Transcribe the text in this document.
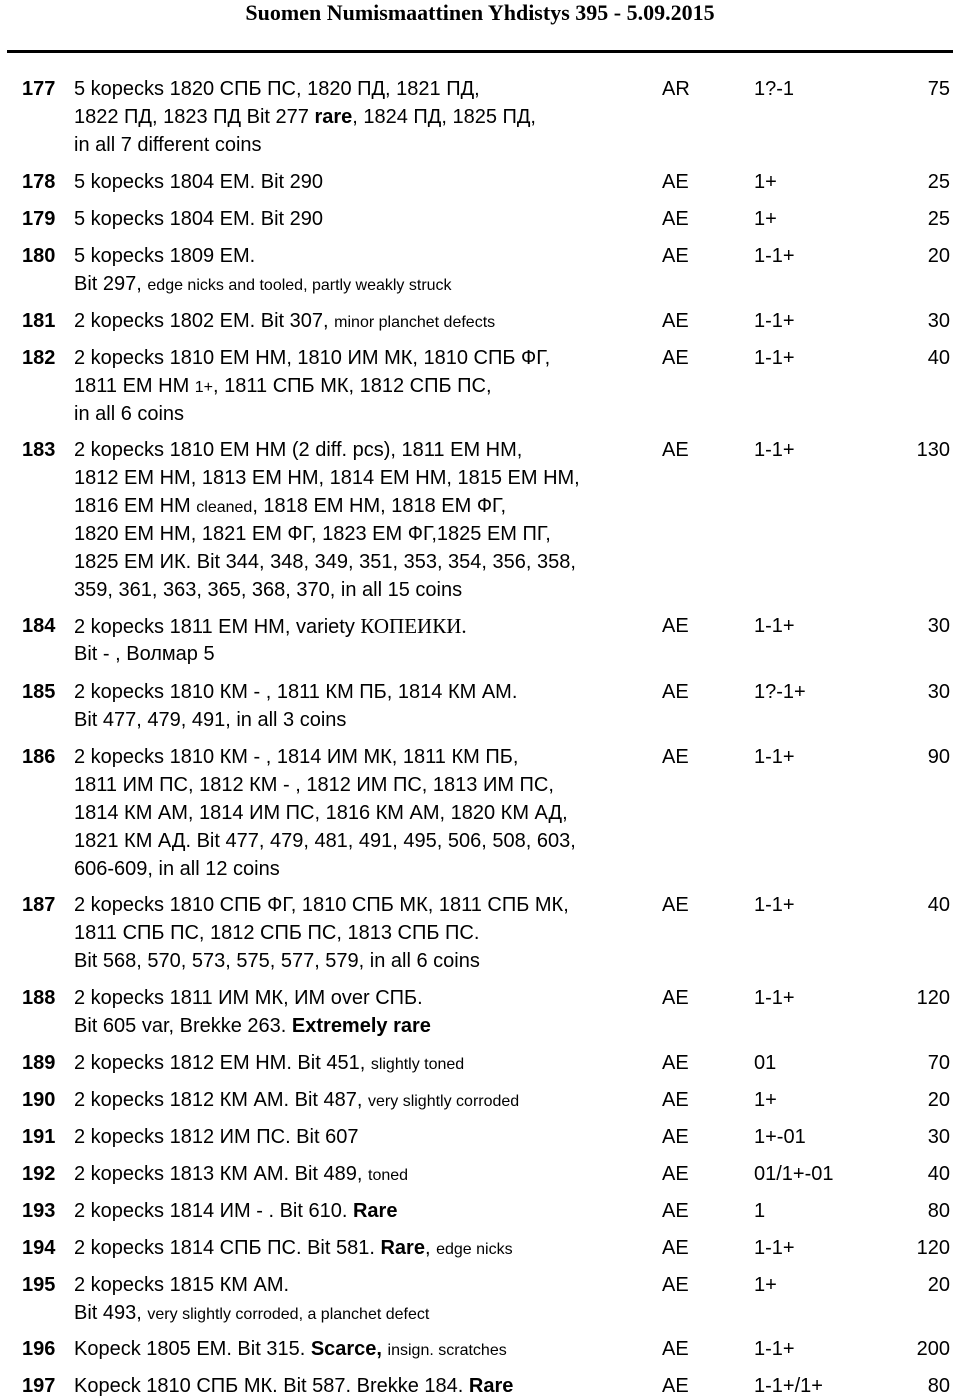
Suomen Numismaattinen Yhdistys 395 - 5.09.2015
177 5 kopecks 1820 СПБ ПС, 1820 ПД, 1821 ПД,
1822 ПД, 1823 ПД Bit 277 rare, 1824 ПД, 1825 ПД,
in all 7 different coins
AR	1?-1	75
178 5 kopecks 1804 ЕМ. Bit 290	AE	1+	25
179 5 kopecks 1804 ЕМ. Bit 290	AE	1+	25
180 5 kopecks 1809 ЕМ.
Bit 297, edge nicks and tooled, partly weakly struck
AE	1-1+	20
181 2 kopecks 1802 ЕМ. Bit 307, minor planchet defects	AE	1-1+	30
182 2 kopecks 1810 ЕМ НМ, 1810 ИМ МК, 1810 СПБ ФГ,
1811 ЕМ НМ 1+, 1811 СПБ МК, 1812 СПБ ПС,
in all 6 coins
AE	1-1+	40
183 2 kopecks 1810 ЕМ НМ (2 diff. pcs), 1811 ЕМ НМ,
1812 ЕМ НМ, 1813 ЕМ НМ, 1814 ЕМ НМ, 1815 ЕМ НМ,
1816 ЕМ НМ cleaned, 1818 ЕМ НМ, 1818 ЕМ ФГ,
1820 ЕМ НМ, 1821 ЕМ ФГ, 1823 ЕМ ФГ,1825 ЕМ ПГ,
1825 ЕМ ИК. Bit 344, 348, 349, 351, 353, 354, 356, 358,
359, 361, 363, 365, 368, 370, in all 15 coins
AE	1-1+	130
184 2 kopecks 1811 ЕМ НМ, variety КОПЕИКИ.
Bit - , Волмар 5
AE	1-1+	30
185 2 kopecks 1810 КМ - , 1811 КМ ПБ, 1814 КМ АМ.
Bit 477, 479, 491, in all 3 coins
AE	1?-1+	30
186 2 kopecks 1810 КМ - , 1814 ИМ МК, 1811 КМ ПБ,
1811 ИМ ПС, 1812 КМ - , 1812 ИМ ПС, 1813 ИМ ПС,
1814 КМ АМ, 1814 ИМ ПС, 1816 КМ АМ, 1820 КМ АД,
1821 КМ АД. Bit 477, 479, 481, 491, 495, 506, 508, 603,
606-609, in all 12 coins
AE	1-1+	90
187 2 kopecks 1810 СПБ ФГ, 1810 СПБ МК, 1811 СПБ МК,
1811 СПБ ПС, 1812 СПБ ПС, 1813 СПБ ПС.
Bit 568, 570, 573, 575, 577, 579, in all 6 coins
AE	1-1+	40
188 2 kopecks 1811 ИМ МК, ИМ over СПБ.
Bit 605 var, Brekke 263. Extremely rare
AE	1-1+	120
189 2 kopecks 1812 ЕМ НМ. Bit 451, slightly toned	AE	01	70
190 2 kopecks 1812 КМ АМ. Bit 487, very slightly corroded	AE	1+	20
191 2 kopecks 1812 ИМ ПС. Bit 607	AE	1+-01	30
192 2 kopecks 1813 КМ АМ. Bit 489, toned	AE	01/1+-01	40
193 2 kopecks 1814 ИМ - . Bit 610. Rare	AE	1	80
194 2 kopecks 1814 СПБ ПС. Bit 581. Rare, edge nicks	AE	1-1+	120
195 2 kopecks 1815 КМ АМ.
Bit 493, very slightly corroded, a planchet defect
AE	1+	20
196 Kopeck 1805 ЕМ. Bit 315. Scarce, insign. scratches	AE	1-1+	200
197 Kopeck 1810 СПБ МК. Bit 587. Brekke 184. Rare	AE	1-1+/1+	80
